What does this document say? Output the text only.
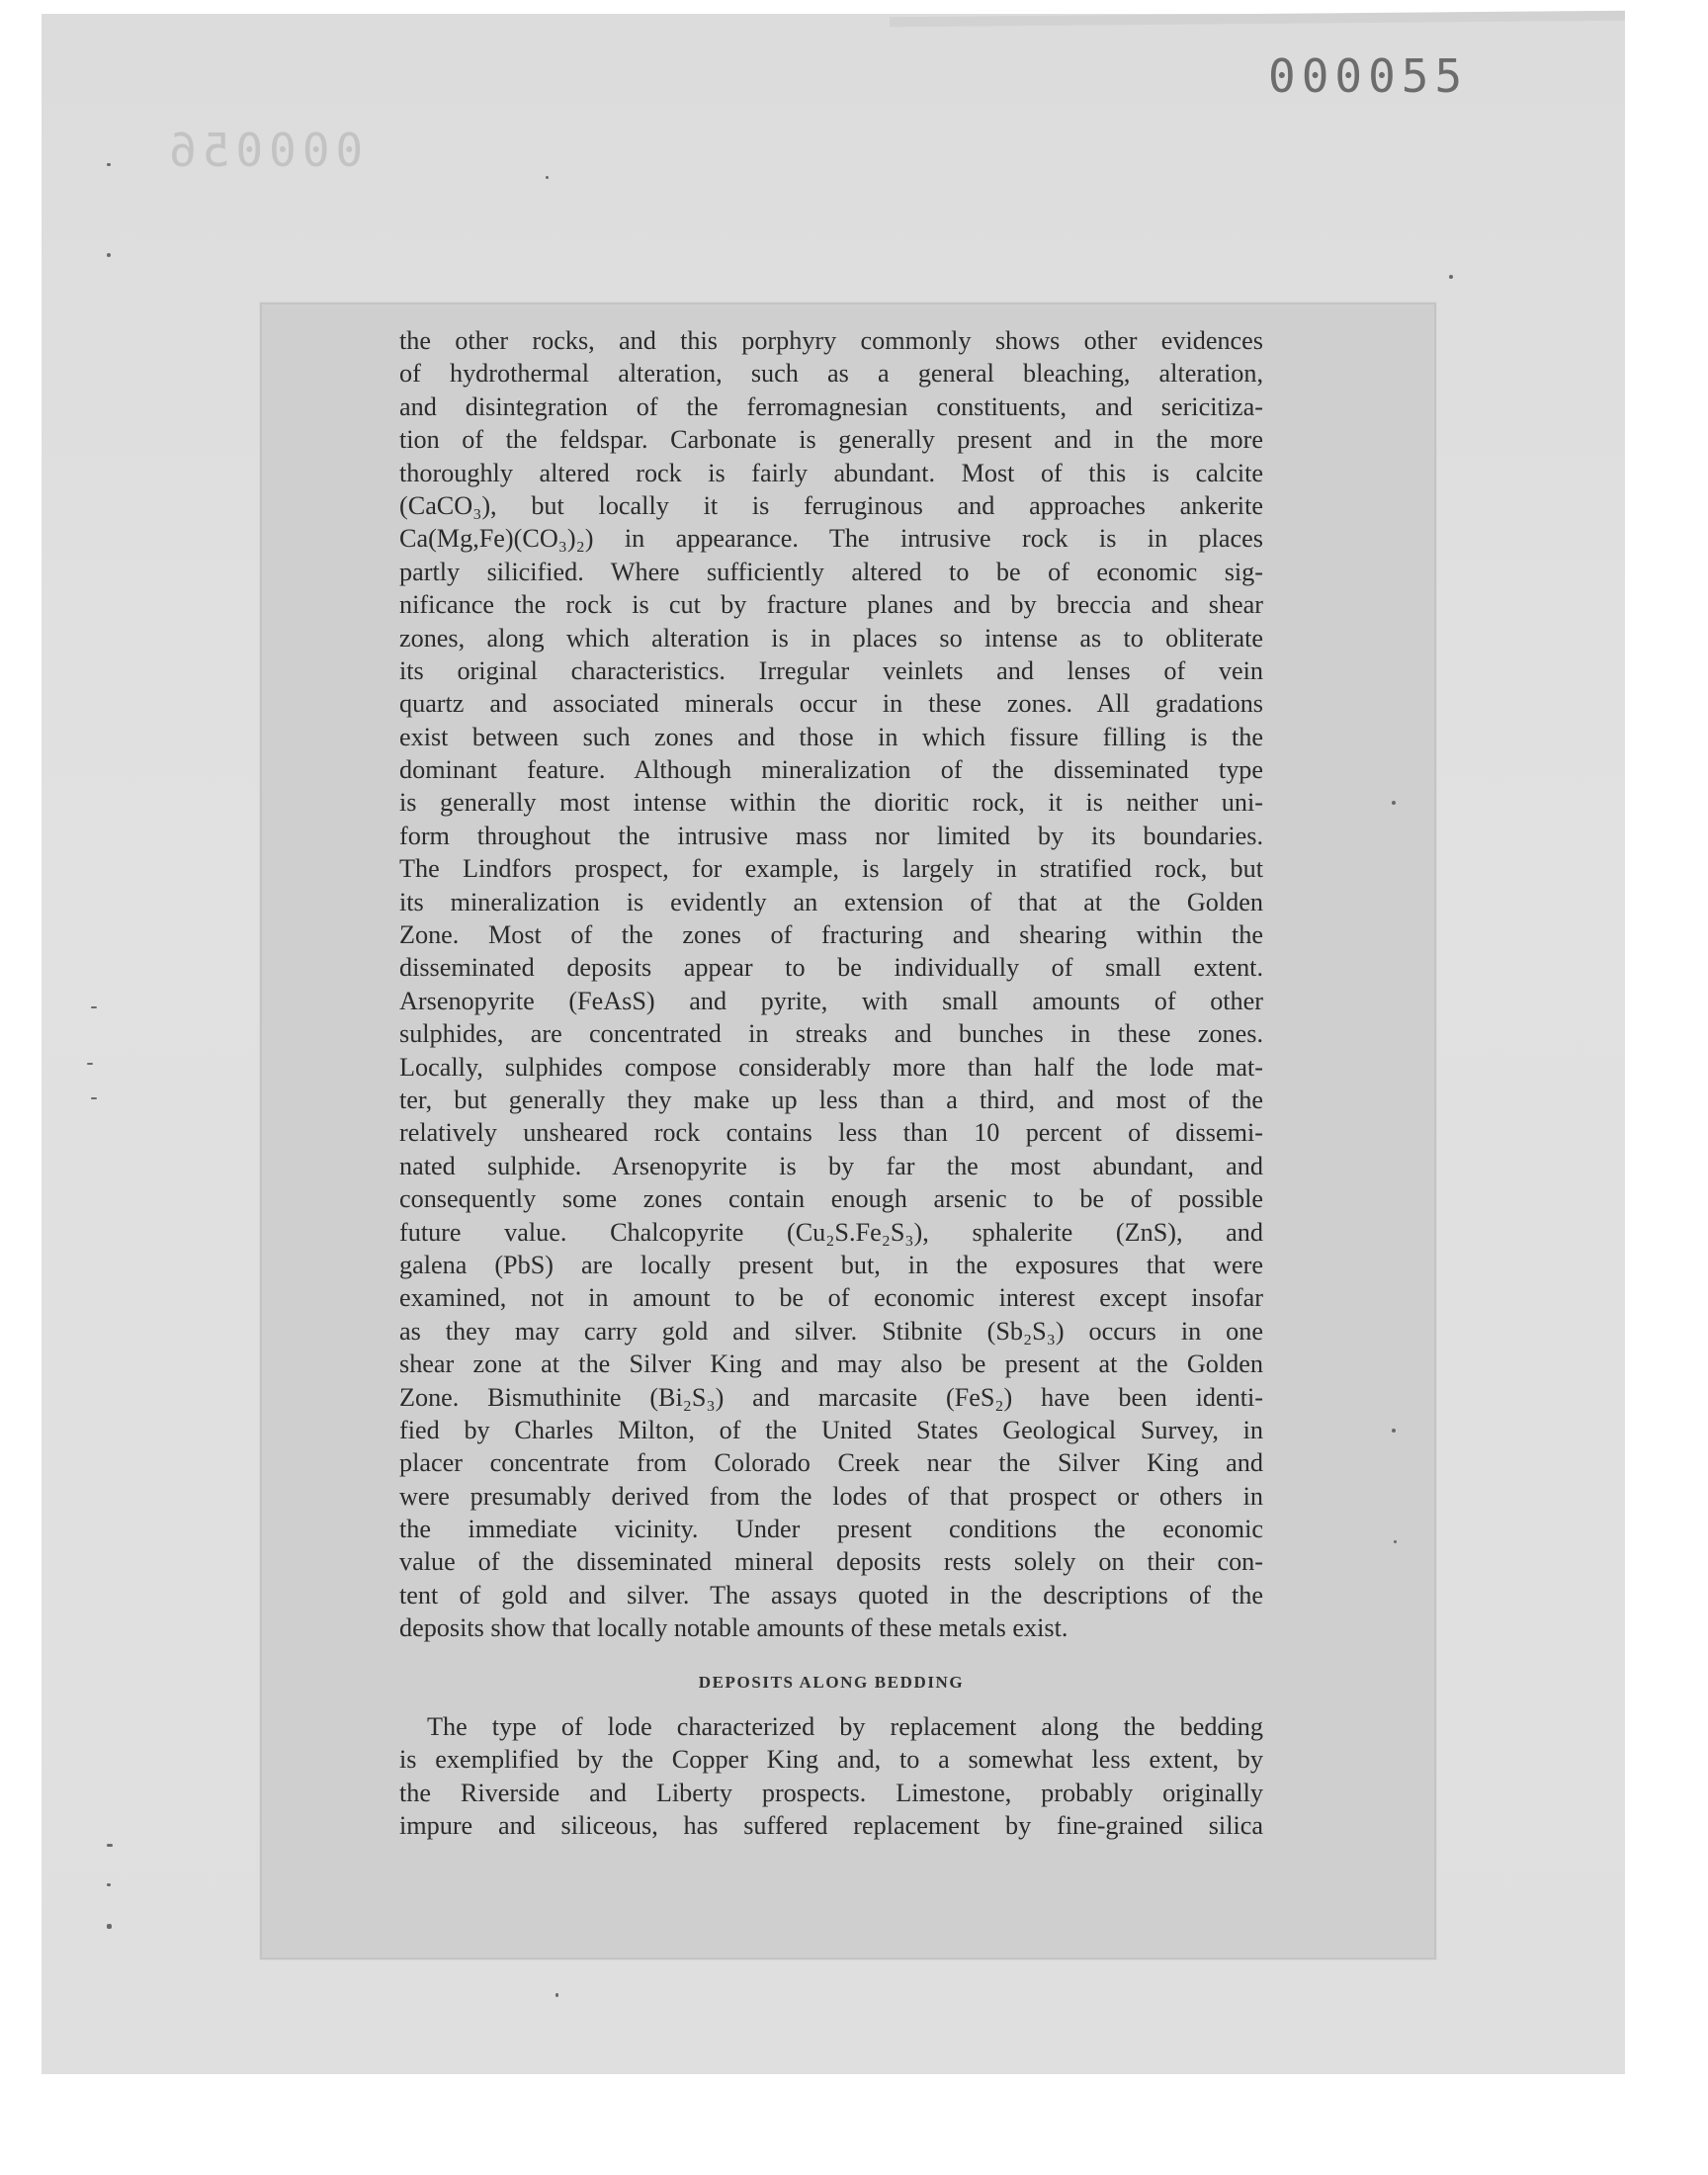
000056
000055
the other rocks, and this porphyry commonly shows other evidences
of hydrothermal alteration, such as a general bleaching, alteration,
and disintegration of the ferromagnesian constituents, and sericitiza-
tion of the feldspar. Carbonate is generally present and in the more
thoroughly altered rock is fairly abundant. Most of this is calcite
(CaCO₃), but locally it is ferruginous and approaches ankerite
Ca(Mg,Fe)(CO₃)₂) in appearance. The intrusive rock is in places
partly silicified. Where sufficiently altered to be of economic sig-
nificance the rock is cut by fracture planes and by breccia and shear
zones, along which alteration is in places so intense as to obliterate
its original characteristics. Irregular veinlets and lenses of vein
quartz and associated minerals occur in these zones. All gradations
exist between such zones and those in which fissure filling is the
dominant feature. Although mineralization of the disseminated type
is generally most intense within the dioritic rock, it is neither uni-
form throughout the intrusive mass nor limited by its boundaries.
The Lindfors prospect, for example, is largely in stratified rock, but
its mineralization is evidently an extension of that at the Golden
Zone. Most of the zones of fracturing and shearing within the
disseminated deposits appear to be individually of small extent.
Arsenopyrite (FeAsS) and pyrite, with small amounts of other
sulphides, are concentrated in streaks and bunches in these zones.
Locally, sulphides compose considerably more than half the lode mat-
ter, but generally they make up less than a third, and most of the
relatively unsheared rock contains less than 10 percent of dissemi-
nated sulphide. Arsenopyrite is by far the most abundant, and
consequently some zones contain enough arsenic to be of possible
future value. Chalcopyrite (Cu₂S.Fe₂S₃), sphalerite (ZnS), and
galena (PbS) are locally present but, in the exposures that were
examined, not in amount to be of economic interest except insofar
as they may carry gold and silver. Stibnite (Sb₂S₃) occurs in one
shear zone at the Silver King and may also be present at the Golden
Zone. Bismuthinite (Bi₂S₃) and marcasite (FeS₂) have been identi-
fied by Charles Milton, of the United States Geological Survey, in
placer concentrate from Colorado Creek near the Silver King and
were presumably derived from the lodes of that prospect or others in
the immediate vicinity. Under present conditions the economic
value of the disseminated mineral deposits rests solely on their con-
tent of gold and silver. The assays quoted in the descriptions of the
deposits show that locally notable amounts of these metals exist.
DEPOSITS ALONG BEDDING
The type of lode characterized by replacement along the bedding
is exemplified by the Copper King and, to a somewhat less extent, by
the Riverside and Liberty prospects. Limestone, probably originally
impure and siliceous, has suffered replacement by fine-grained silica
